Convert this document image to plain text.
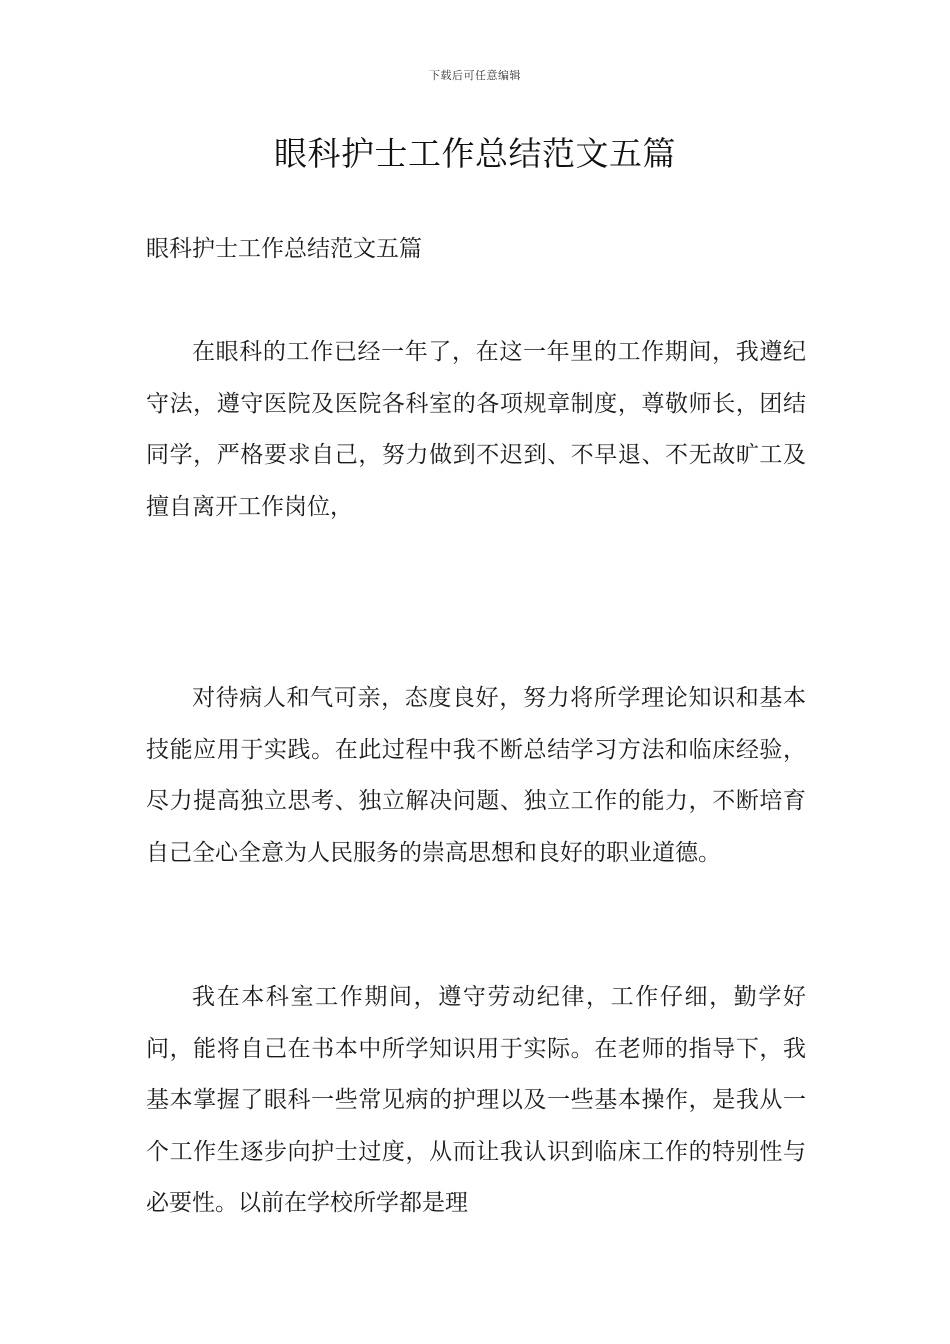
下载后可任意编辑
眼科护士工作总结范文五篇

眼科护士工作总结范文五篇

在眼科的工作已经一年了，在这一年里的工作期间，我遵纪守法，遵守医院及医院各科室的各项规章制度，尊敬师长，团结同学，严格要求自己，努力做到不迟到、不早退、不无故旷工及擅自离开工作岗位，

对待病人和气可亲，态度良好，努力将所学理论知识和基本技能应用于实践。在此过程中我不断总结学习方法和临床经验，尽力提高独立思考、独立解决问题、独立工作的能力，不断培育自己全心全意为人民服务的崇高思想和良好的职业道德。

我在本科室工作期间，遵守劳动纪律，工作仔细，勤学好问，能将自己在书本中所学知识用于实际。在老师的指导下，我基本掌握了眼科一些常见病的护理以及一些基本操作，是我从一个工作生逐步向护士过度，从而让我认识到临床工作的特别性与必要性。以前在学校所学都是理
